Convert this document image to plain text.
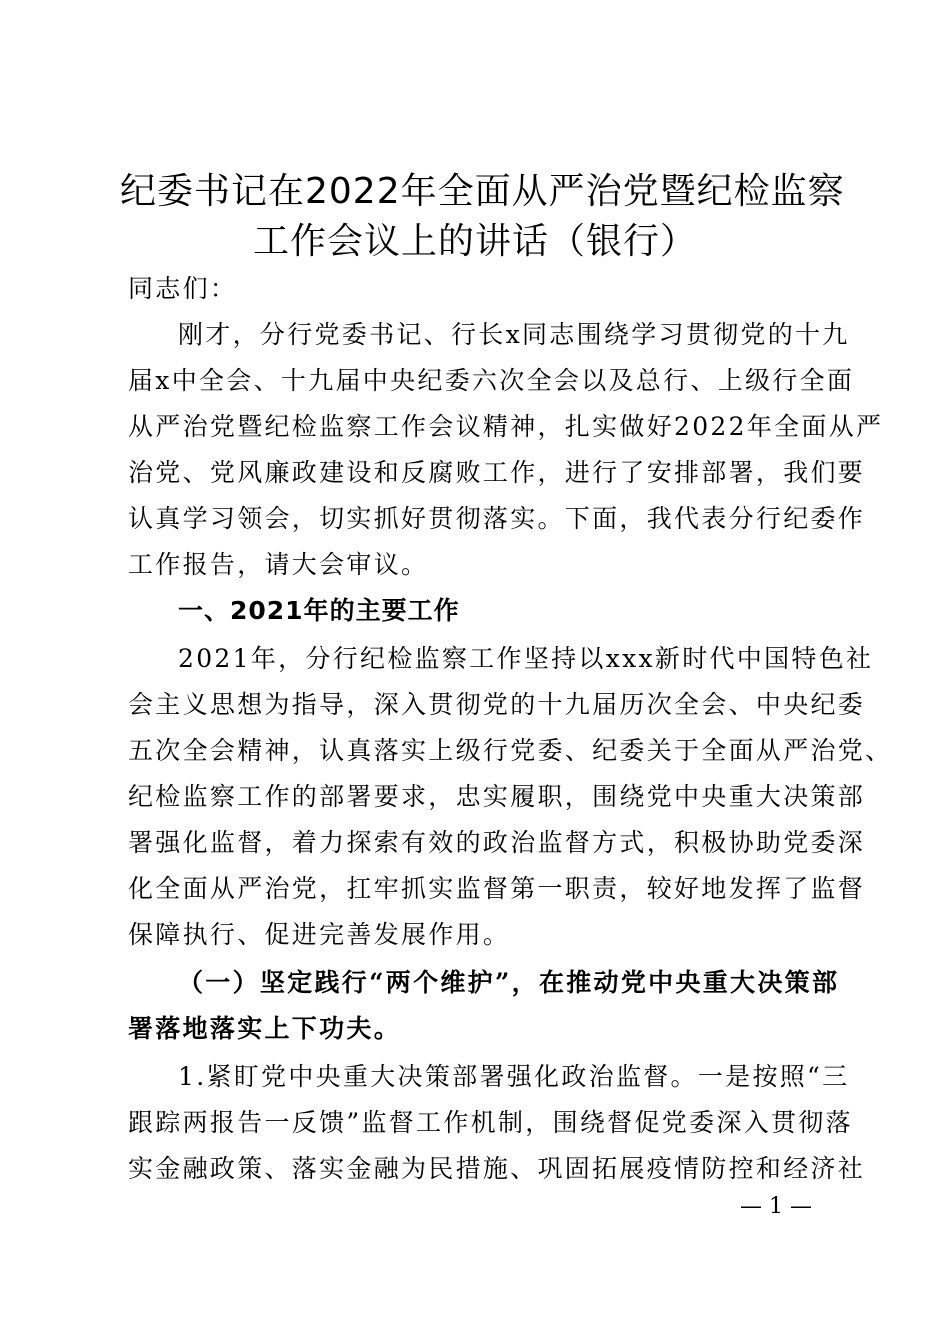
纪委书记在2022年全面从严治党暨纪检监察
工作会议上的讲话（银行）
同志们：
刚才，分行党委书记、行长x同志围绕学习贯彻党的十九
届x中全会、十九届中央纪委六次全会以及总行、上级行全面
从严治党暨纪检监察工作会议精神，扎实做好2022年全面从严
治党、党风廉政建设和反腐败工作，进行了安排部署，我们要
认真学习领会，切实抓好贯彻落实。下面，我代表分行纪委作
工作报告，请大会审议。
一、2021年的主要工作
2021年，分行纪检监察工作坚持以xxx新时代中国特色社
会主义思想为指导，深入贯彻党的十九届历次全会、中央纪委
五次全会精神，认真落实上级行党委、纪委关于全面从严治党、
纪检监察工作的部署要求，忠实履职，围绕党中央重大决策部
署强化监督，着力探索有效的政治监督方式，积极协助党委深
化全面从严治党，扛牢抓实监督第一职责，较好地发挥了监督
保障执行、促进完善发展作用。
（一）坚定践行“两个维护”，在推动党中央重大决策部
署落地落实上下功夫。
1.紧盯党中央重大决策部署强化政治监督。一是按照“三
跟踪两报告一反馈”监督工作机制，围绕督促党委深入贯彻落
实金融政策、落实金融为民措施、巩固拓展疫情防控和经济社
— 1 —
